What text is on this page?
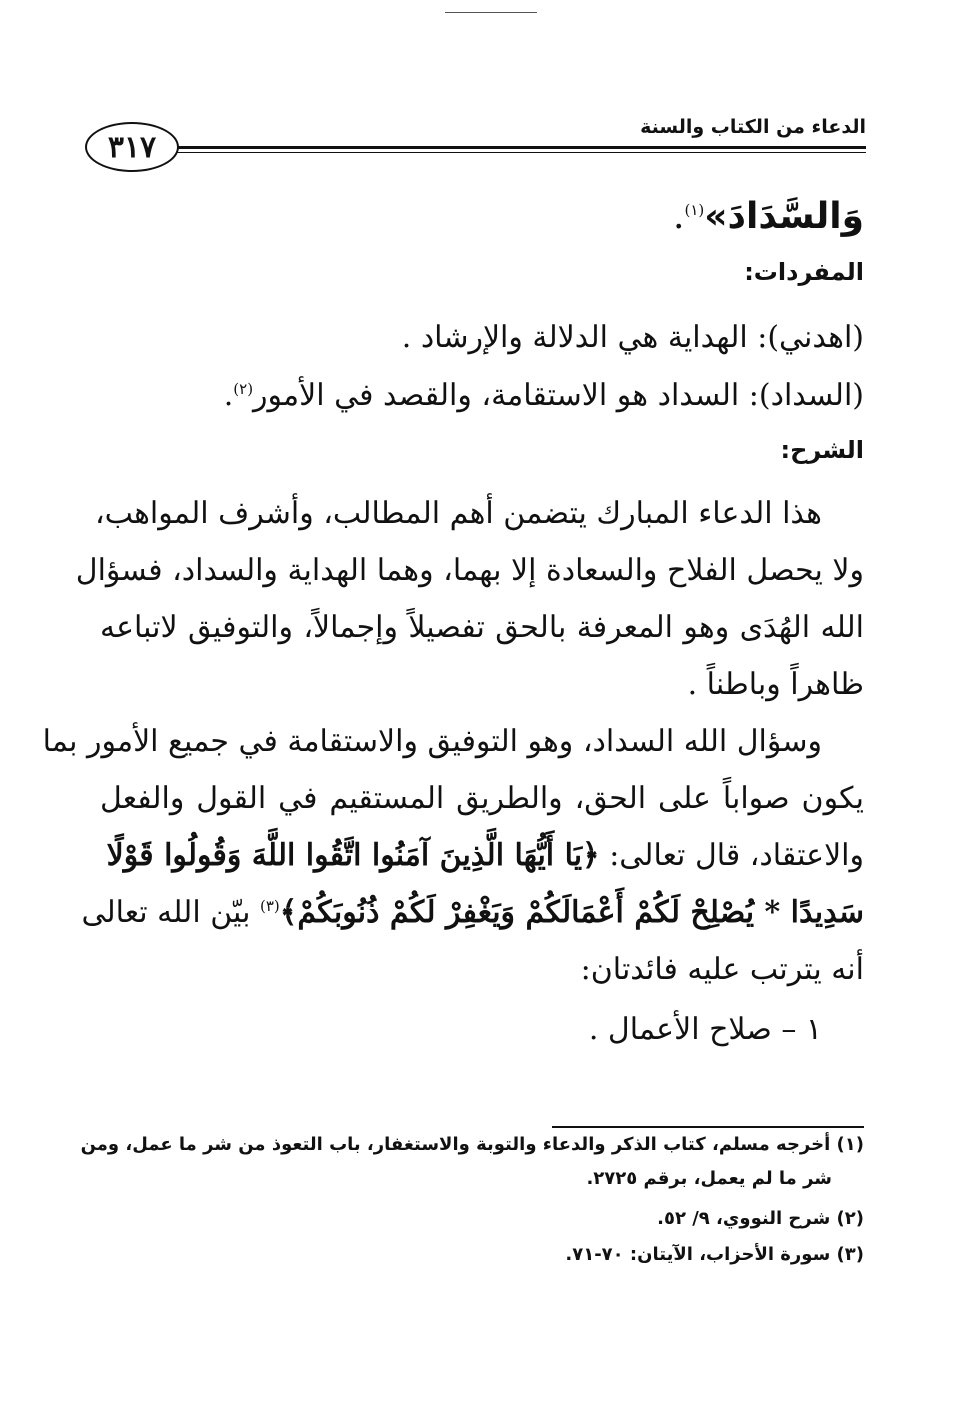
الدعاء من الكتاب والسنة
٣١٧
وَالسَّدَادَ»$^{(١)}$.
المفردات:
(اهدني): الهداية هي الدلالة والإرشاد .
(السداد): السداد هو الاستقامة، والقصد في الأمور$^{(٢)}$.
الشرح:
هذا الدعاء المبارك يتضمن أهم المطالب، وأشرف المواهب،
ولا يحصل الفلاح والسعادة إلا بهما، وهما الهداية والسداد، فسؤال
الله الهُدَى وهو المعرفة بالحق تفصيلاً وإجمالاً، والتوفيق لاتباعه
ظاهراً وباطناً .
وسؤال الله السداد، وهو التوفيق والاستقامة في جميع الأمور بما
يكون صواباً على الحق، والطريق المستقيم في القول والفعل
والاعتقاد، قال تعالى: ﴿يَا أَيُّهَا الَّذِينَ آمَنُوا اتَّقُوا اللَّهَ وَقُولُوا قَوْلًا
سَدِيدًا * يُصْلِحْ لَكُمْ أَعْمَالَكُمْ وَيَغْفِرْ لَكُمْ ذُنُوبَكُمْ﴾$^{(٣)}$ بيّن الله تعالى
أنه يترتب عليه فائدتان:
١ – صلاح الأعمال .
(١) أخرجه مسلم، كتاب الذكر والدعاء والتوبة والاستغفار، باب التعوذ من شر ما عمل، ومن
شر ما لم يعمل، برقم ٢٧٢٥.
(٢) شرح النووي، ٩/ ٥٢.
(٣) سورة الأحزاب، الآيتان: ٧٠-٧١.
